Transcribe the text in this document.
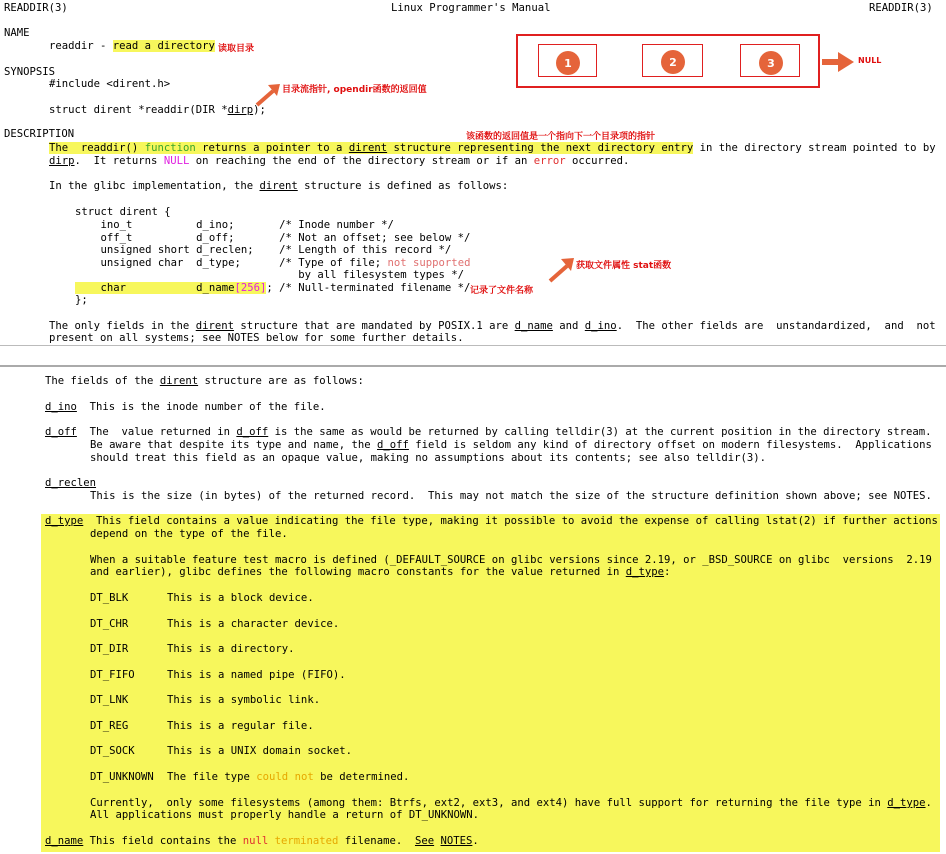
READDIR(3)	Linux Programmer's Manual	READDIR(3)
NAME
readdir - read a directory 读取目录
SYNOPSIS
#include <dirent.h>
struct dirent *readdir(DIR *dirp);
目录流指针, opendir函数的返回值
DESCRIPTION	该函数的返回值是一个指向下一个目录项的指针
The  readdir() function returns a pointer to a dirent structure representing the next directory entry in the directory stream pointed to by
dirp.  It returns NULL on reaching the end of the directory stream or if an error occurred.
In the glibc implementation, the dirent structure is defined as follows:
struct dirent {
ino_t          d_ino;       /* Inode number */
off_t          d_off;       /* Not an offset; see below */
unsigned short d_reclen;    /* Length of this record */
unsigned char  d_type;      /* Type of file; not supported
by all filesystem types */
char           d_name[256]; /* Null-terminated filename */ 记录了文件名称
};
获取文件属性 stat函数
The only fields in the dirent structure that are mandated by POSIX.1 are d_name and d_ino.  The other fields are  unstandardized,  and  not
present on all systems; see NOTES below for some further details.
1	2	3	NULL
The fields of the dirent structure are as follows:
d_ino  This is the inode number of the file.
d_off  The  value returned in d_off is the same as would be returned by calling telldir(3) at the current position in the directory stream.
Be aware that despite its type and name, the d_off field is seldom any kind of directory offset on modern filesystems.  Applications
should treat this field as an opaque value, making no assumptions about its contents; see also telldir(3).
d_reclen
This is the size (in bytes) of the returned record.  This may not match the size of the structure definition shown above; see NOTES.
d_type  This field contains a value indicating the file type, making it possible to avoid the expense of calling lstat(2) if further actions
depend on the type of the file.
When a suitable feature test macro is defined (_DEFAULT_SOURCE on glibc versions since 2.19, or _BSD_SOURCE on glibc  versions  2.19
and earlier), glibc defines the following macro constants for the value returned in d_type:
DT_BLK	This is a block device.
DT_CHR	This is a character device.
DT_DIR	This is a directory.
DT_FIFO	This is a named pipe (FIFO).
DT_LNK	This is a symbolic link.
DT_REG	This is a regular file.
DT_SOCK	This is a UNIX domain socket.
DT_UNKNOWN The file type could not be determined.
Currently,  only some filesystems (among them: Btrfs, ext2, ext3, and ext4) have full support for returning the file type in d_type.
All applications must properly handle a return of DT_UNKNOWN.
d_name This field contains the null terminated filename.  See NOTES.
